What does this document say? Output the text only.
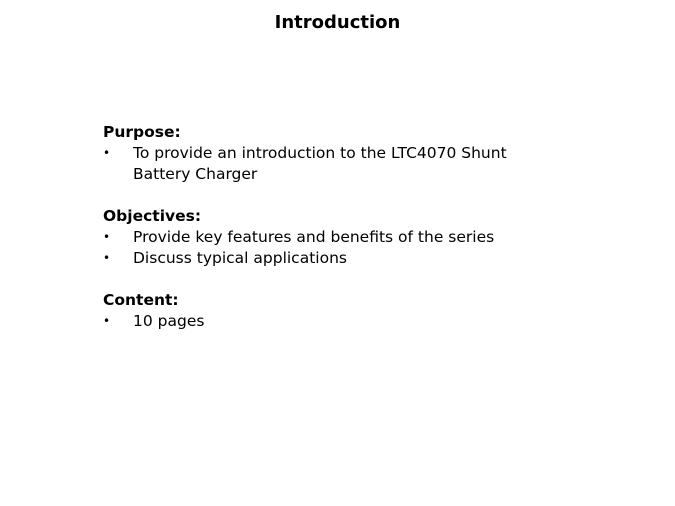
Introduction

Purpose:

•	To provide an introduction to the LTC4070 Shunt Battery Charger

Objectives:

•	Provide key features and benefits of the series
•	Discuss typical applications

Content:

•	10 pages
